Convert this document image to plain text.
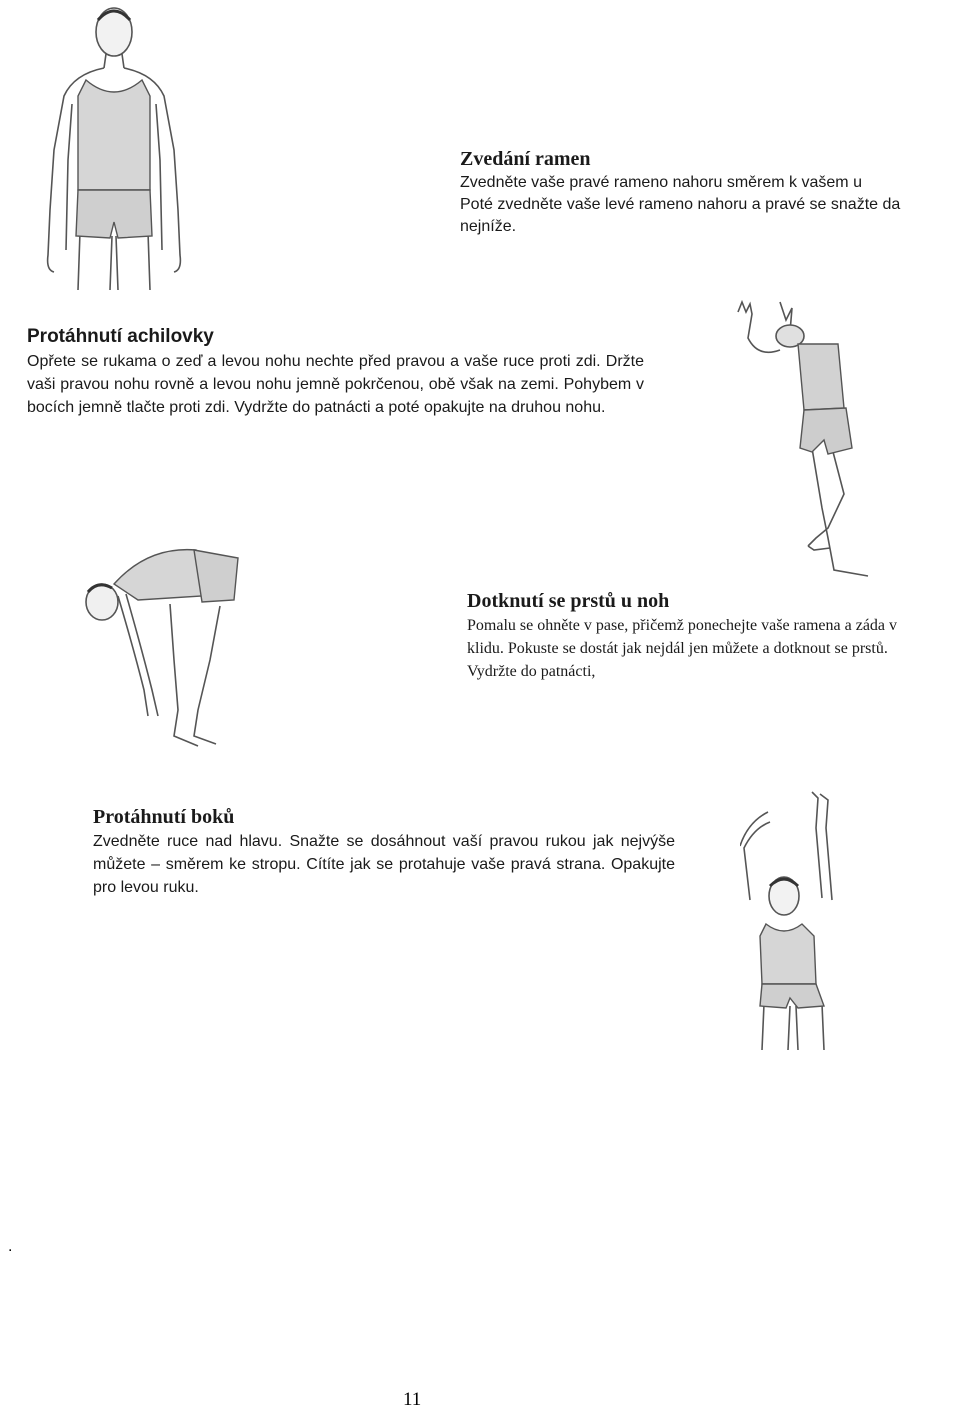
Zvedání ramen

Zvedněte vaše pravé rameno nahoru směrem k vašem u

Poté zvedněte vaše levé rameno nahoru a pravé se snažte da

nejníže.

Protáhnutí achilovky

Opřete se rukama o zeď a levou nohu nechte před pravou a vaše ruce proti zdi. Držte vaši pravou nohu rovně a levou nohu jemně pokrčenou, obě však na zemi. Pohybem v bocích jemně tlačte proti zdi. Vydržte do patnácti a poté opakujte na druhou nohu.

Dotknutí se prstů u noh

Pomalu se ohněte v pase, přičemž ponechejte vaše ramena a záda v

klidu. Pokuste se dostát jak nejdál jen můžete a dotknout se prstů.

Vydržte do patnácti,

Protáhnutí boků

Zvedněte ruce nad hlavu. Snažte se dosáhnout vaší pravou rukou jak nejvýše můžete – směrem ke stropu. Cítíte jak se protahuje vaše pravá strana. Opakujte pro levou ruku.

.
11
